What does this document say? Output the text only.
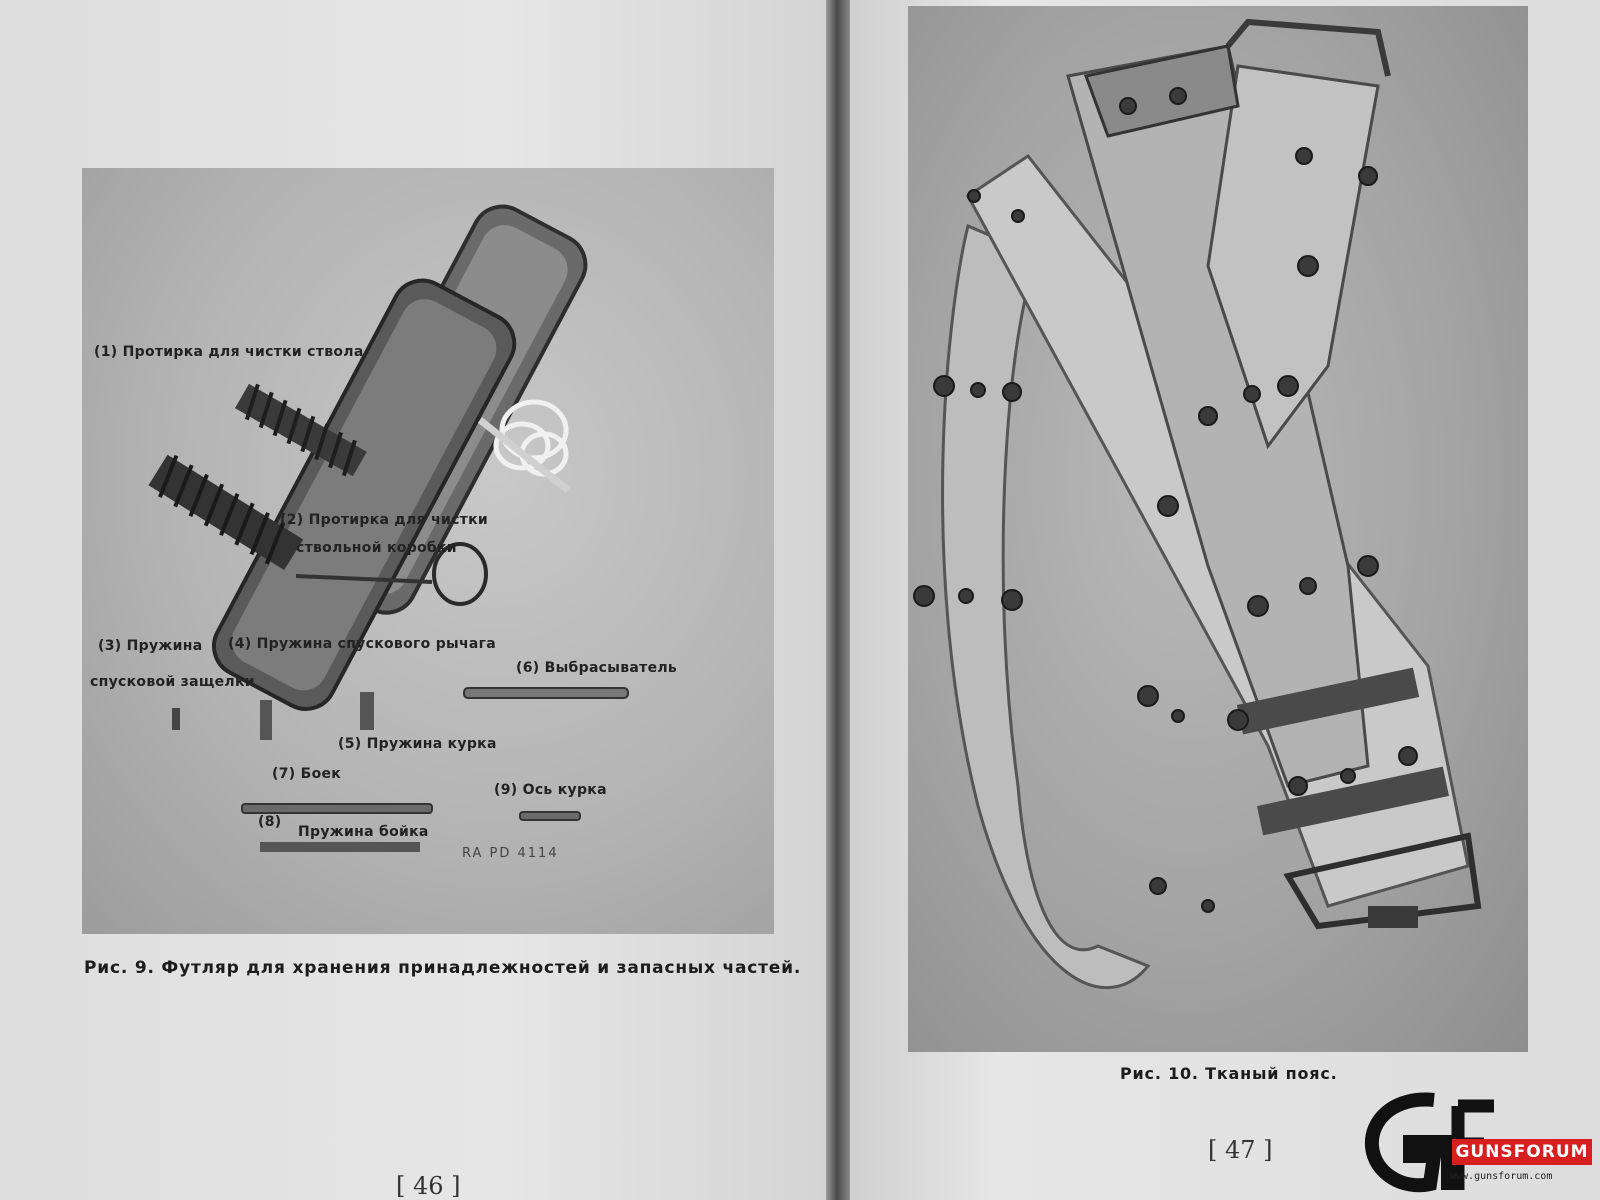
(1) Протирка для чистки ствола
(2) Протирка для чистки
ствольной коробки
(3) Пружина (4) Пружина спускового рычага
спусковой защелки
(6) Выбрасыватель
(5) Пружина курка
(7) Боек
(9) Ось курка
(8)
Пружина бойка
RA PD 4114
Рис. 9. Футляр для хранения принадлежностей и запасных частей.
[ 46 ]
Рис. 10. Тканый пояс.
[ 47 ]	GUNSFORUM
www.gunsforum.com
